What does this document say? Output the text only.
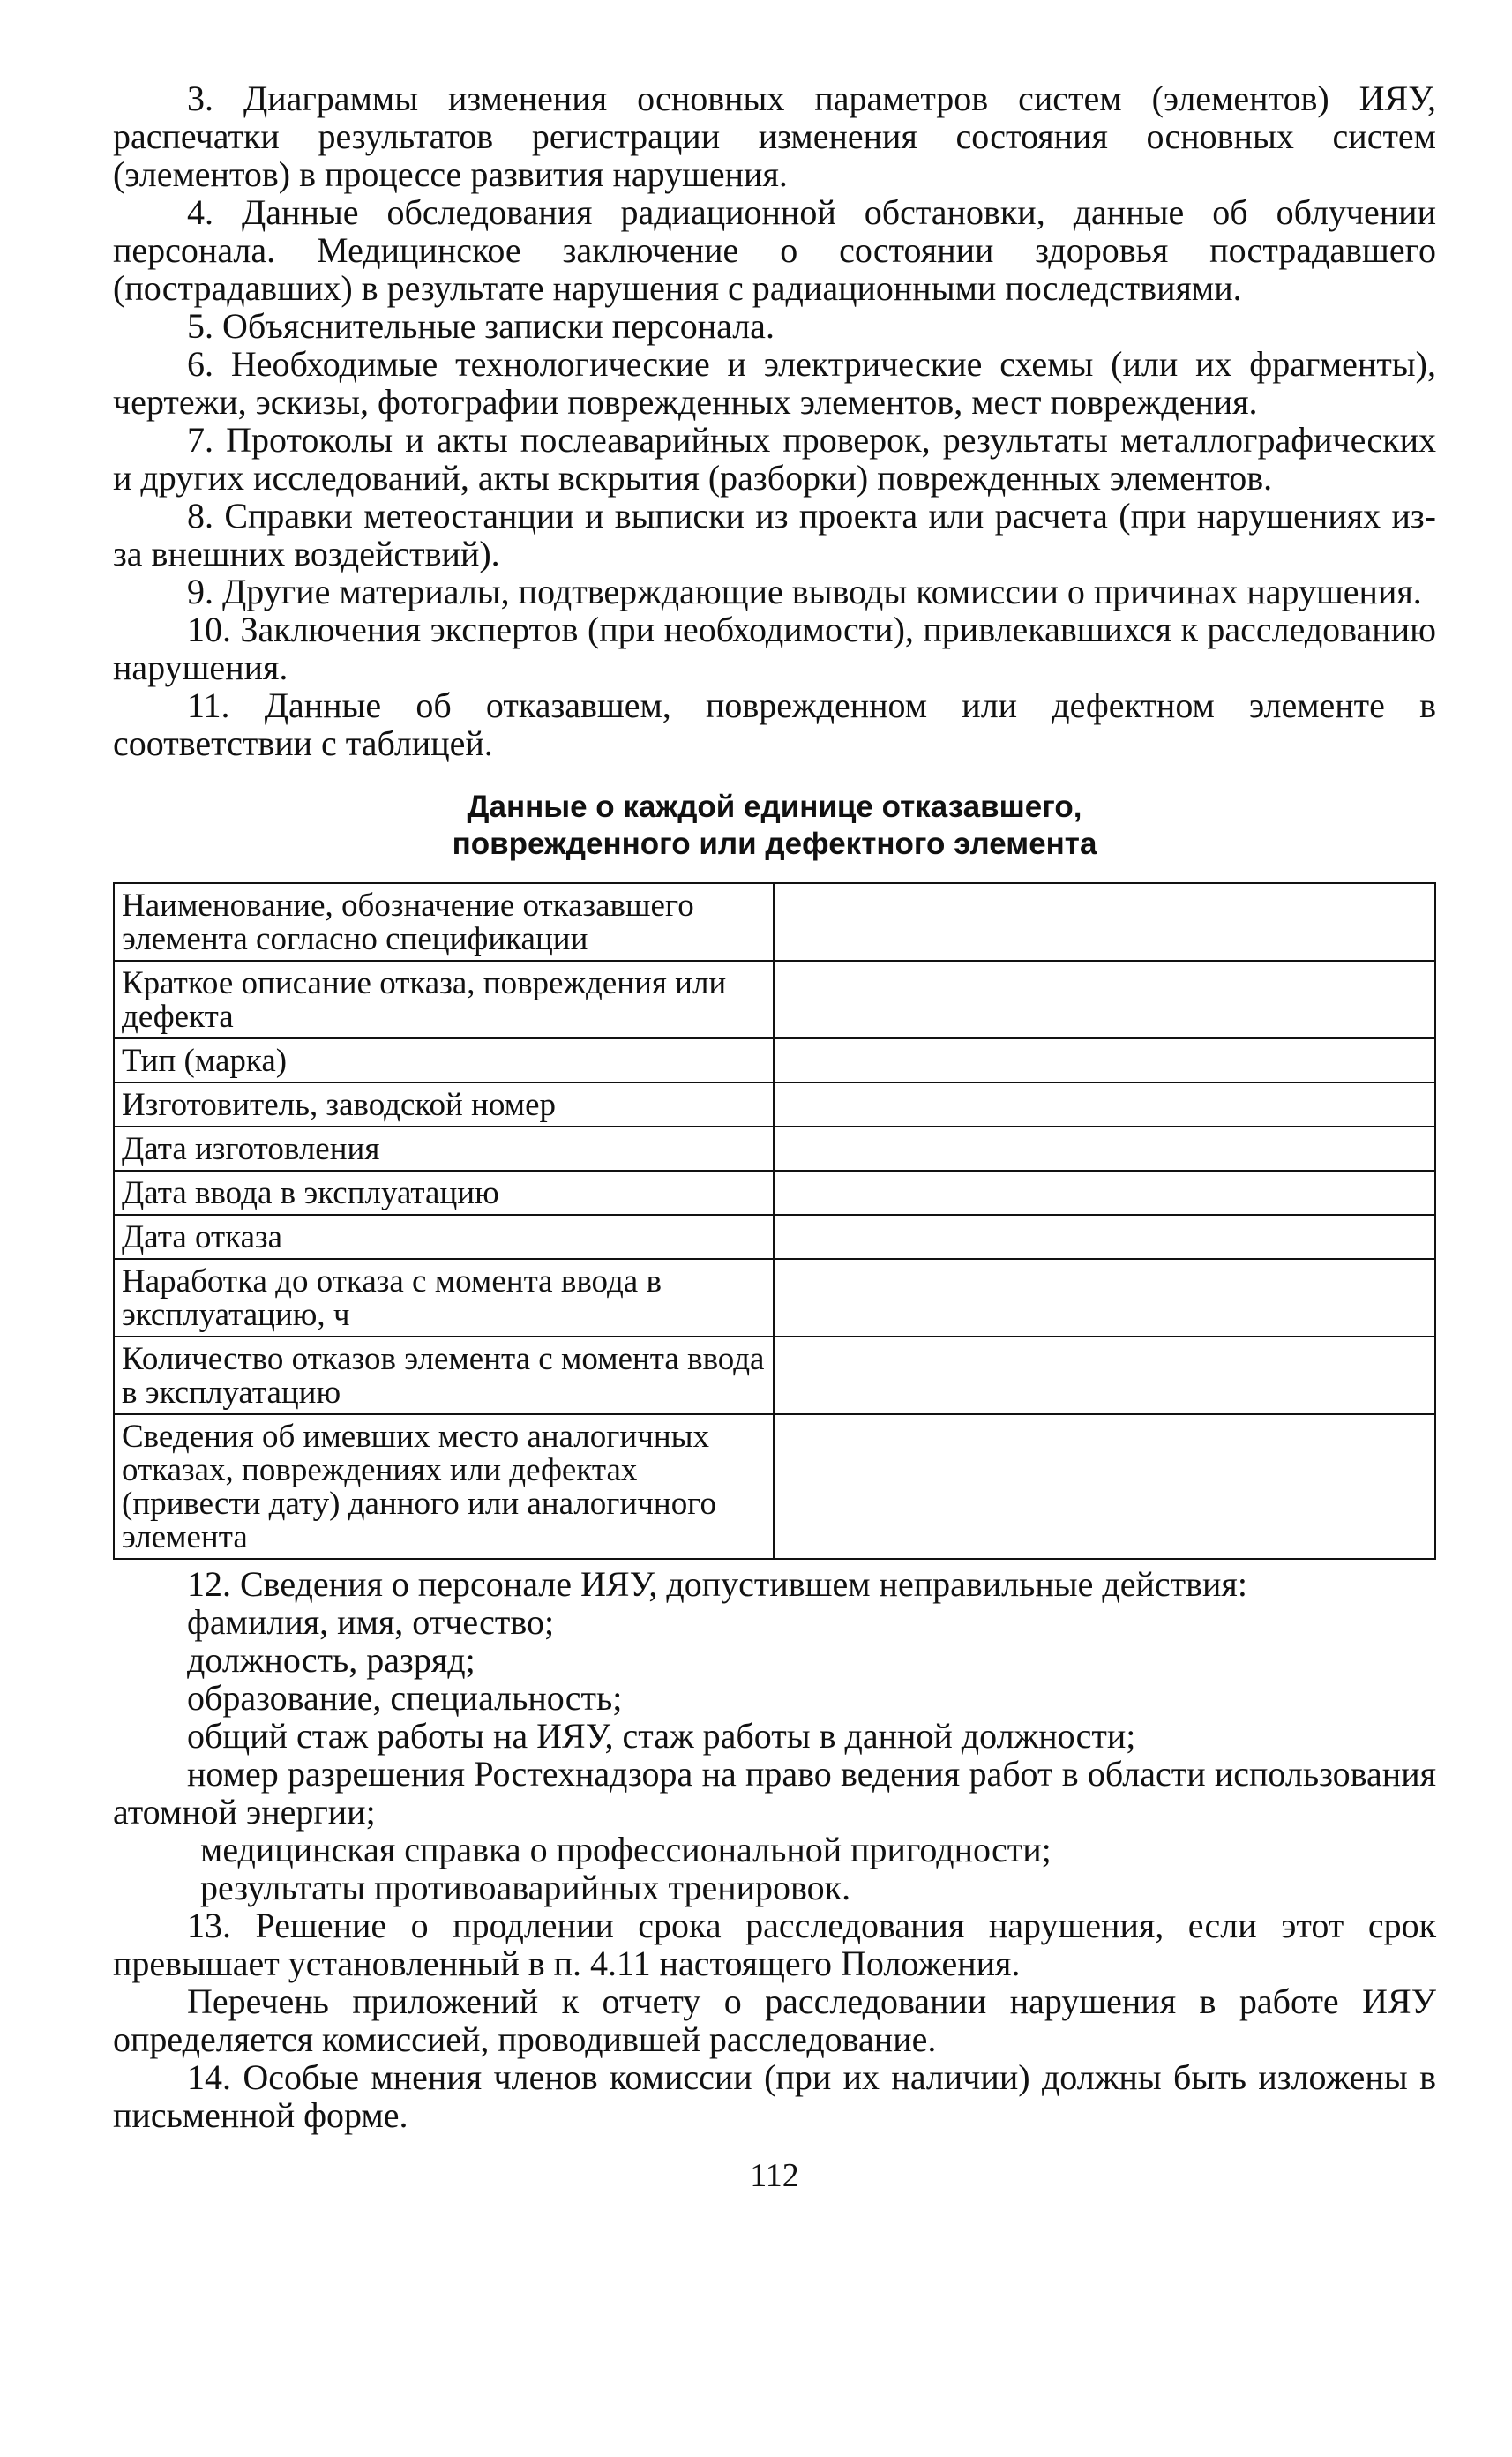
3. Диаграммы изменения основных параметров систем (элементов) ИЯУ, распечатки результатов регистрации изменения состояния основных систем (элементов) в процессе развития нарушения.

4. Данные обследования радиационной обстановки, данные об облучении персонала. Медицинское заключение о состоянии здоровья пострадавшего (пострадавших) в результате нарушения с радиационными последствиями.

5. Объяснительные записки персонала.

6. Необходимые технологические и электрические схемы (или их фрагменты), чертежи, эскизы, фотографии поврежденных элементов, мест повреждения.

7. Протоколы и акты послеаварийных проверок, результаты металлографических и других исследований, акты вскрытия (разборки) поврежденных элементов.

8. Справки метеостанции и выписки из проекта или расчета (при нарушениях из-за внешних воздействий).

9. Другие материалы, подтверждающие выводы комиссии о причинах нарушения.

10. Заключения экспертов (при необходимости), привлекавшихся к расследованию нарушения.

11. Данные об отказавшем, поврежденном или дефектном элементе в соответствии с таблицей.

Данные о каждой единице отказавшего,
поврежденного или дефектного элемента
Наименование, обозначение отказавшего элемента согласно спецификации	
Краткое описание отказа, повреждения или дефекта	
Тип (марка)	
Изготовитель, заводской номер	
Дата изготовления	
Дата ввода в эксплуатацию	
Дата отказа	
Наработка до отказа с момента ввода в эксплуатацию, ч	
Количество отказов элемента с момента ввода в эксплуатацию	
Сведения об имевших место аналогичных отказах, повреждениях или дефектах (привести дату) данного или аналогичного элемента	

12. Сведения о персонале ИЯУ, допустившем неправильные действия:

фамилия, имя, отчество;

должность, разряд;

образование, специальность;

общий стаж работы на ИЯУ, стаж работы в данной должности;

номер разрешения Ростехнадзора на право ведения работ в области использования атомной энергии;

медицинская справка о профессиональной пригодности;

результаты противоаварийных тренировок.

13. Решение о продлении срока расследования нарушения, если этот срок превышает установленный в п. 4.11 настоящего Положения.

Перечень приложений к отчету о расследовании нарушения в работе ИЯУ определяется комиссией, проводившей расследование.

14. Особые мнения членов комиссии (при их наличии) должны быть изложены в письменной форме.

112
